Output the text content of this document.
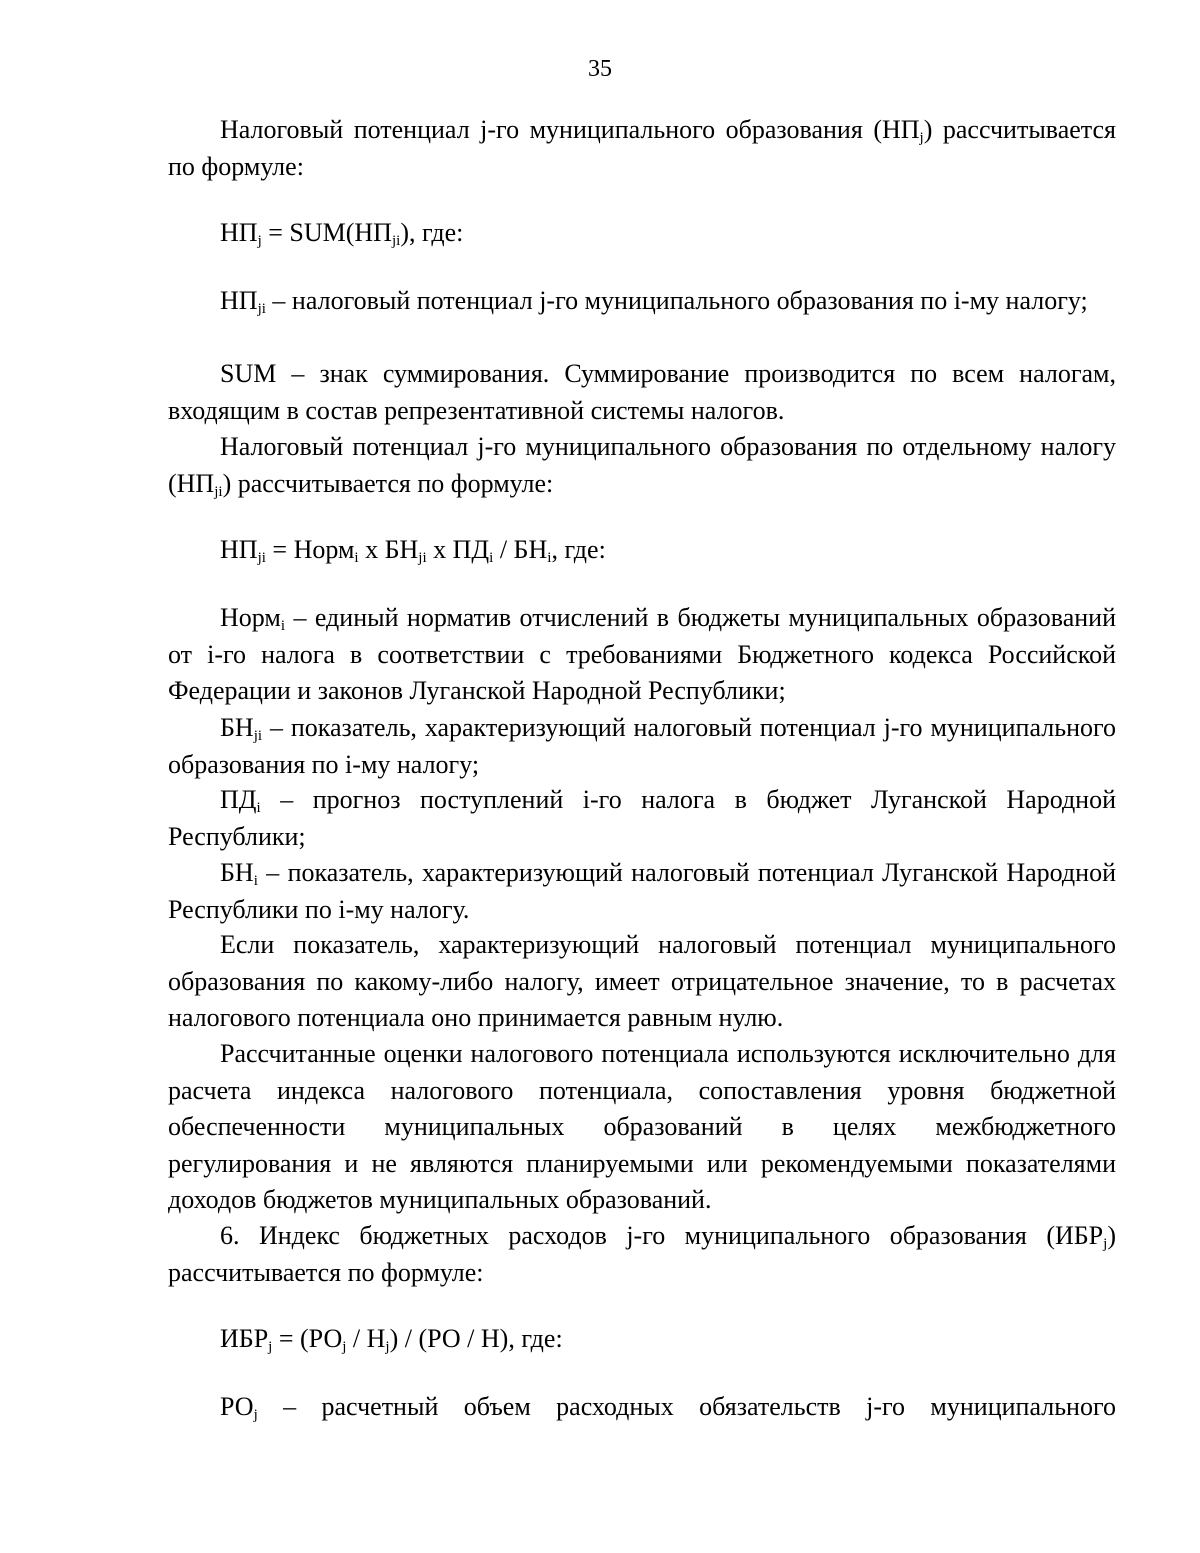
35

Налоговый потенциал j-го муниципального образования $(НП_j)$ рассчитывается по формуле:

$НП_j = SUM(НП_{ji})$, где:

$НП_{ji}$ – налоговый потенциал j-го муниципального образования по i-му налогу;

SUM – знак суммирования. Суммирование производится по всем налогам, входящим в состав репрезентативной системы налогов.

Налоговый потенциал j-го муниципального образования по отдельному налогу $(НП_{ji})$ рассчитывается по формуле:

$НП_{ji}$ = Норм$_i$ х $БН_{ji}$ х $ПД_i / БН_i$, где:

Норм$_i$ – единый норматив отчислений в бюджеты муниципальных образований от i-го налога в соответствии с требованиями Бюджетного кодекса Российской Федерации и законов Луганской Народной Республики;

$БН_{ji}$ – показатель, характеризующий налоговый потенциал j-го муниципального образования по i-му налогу;

$ПД_i$ – прогноз поступлений i-го налога в бюджет Луганской Народной Республики;

$БН_i$ – показатель, характеризующий налоговый потенциал Луганской Народной Республики по i-му налогу.

Если показатель, характеризующий налоговый потенциал муниципального образования по какому-либо налогу, имеет отрицательное значение, то в расчетах налогового потенциала оно принимается равным нулю.

Рассчитанные оценки налогового потенциала используются исключительно для расчета индекса налогового потенциала, сопоставления уровня бюджетной обеспеченности муниципальных образований в целях межбюджетного регулирования и не являются планируемыми или рекомендуемыми показателями доходов бюджетов муниципальных образований.

6. Индекс бюджетных расходов j-го муниципального образования $(ИБР_j)$ рассчитывается по формуле:

$ИБР_j = (РО_j / Н_j) / (РО / Н)$, где:

$РО_j$ – расчетный объем расходных обязательств j-го муниципального
